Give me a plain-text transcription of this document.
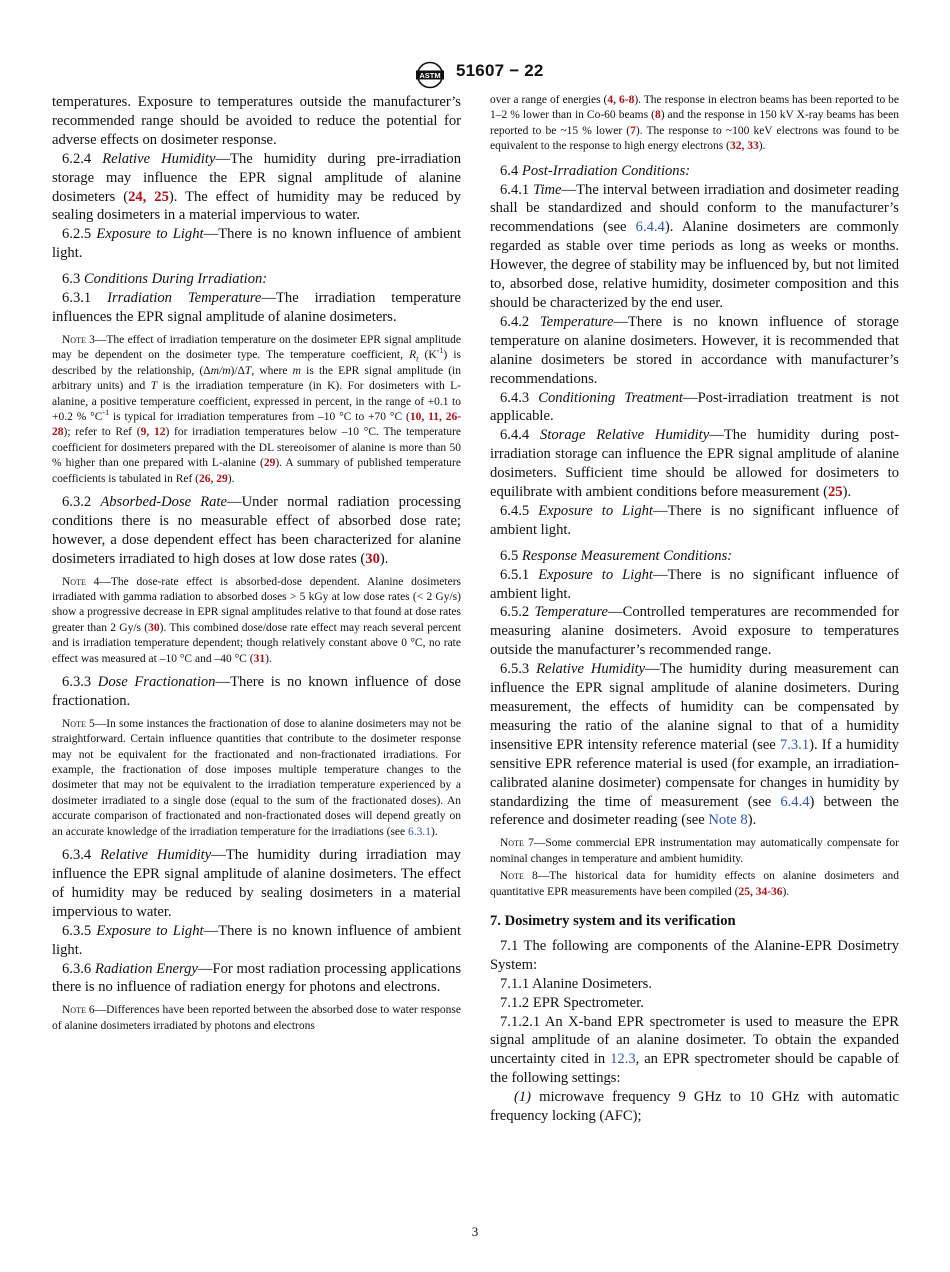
ASTM 51607 − 22

temperatures. Exposure to temperatures outside the manufacturer’s recommended range should be avoided to reduce the potential for adverse effects on dosimeter response.

6.2.4 Relative Humidity—The humidity during pre-irradiation storage may influence the EPR signal amplitude of alanine dosimeters (24, 25). The effect of humidity may be reduced by sealing dosimeters in a material impervious to water.

6.2.5 Exposure to Light—There is no known influence of ambient light.

6.3 Conditions During Irradiation:

6.3.1 Irradiation Temperature—The irradiation temperature influences the EPR signal amplitude of alanine dosimeters.

Note 3—The effect of irradiation temperature on the dosimeter EPR signal amplitude may be dependent on the dosimeter type. The temperature coefficient, $R_t$ $(K^{-1})$ is described by the relationship, (Δm/m)/ΔT, where m is the EPR signal amplitude (in arbitrary units) and T is the irradiation temperature (in K). For dosimeters with L-alanine, a positive temperature coefficient, expressed in percent, in the range of +0.1 to +0.2 % $^\circ C^{-1}$ is typical for irradiation temperatures from –10 °C to +70 °C (10, 11, 26-28); refer to Ref (9, 12) for irradiation temperatures below –10 °C. The temperature coefficient for dosimeters prepared with the DL stereoisomer of alanine is more than 50 % higher than one prepared with L-alanine (29). A summary of published temperature coefficients is tabulated in Ref (26, 29).

6.3.2 Absorbed-Dose Rate—Under normal radiation processing conditions there is no measurable effect of absorbed dose rate; however, a dose dependent effect has been characterized for alanine dosimeters irradiated to high doses at low dose rates (30).

Note 4—The dose-rate effect is absorbed-dose dependent. Alanine dosimeters irradiated with gamma radiation to absorbed doses > 5 kGy at low dose rates (< 2 Gy/s) show a progressive decrease in EPR signal amplitudes relative to that found at dose rates greater than 2 Gy/s (30). This combined dose/dose rate effect may reach several percent and is irradiation temperature dependent; though relatively constant above 0 °C, no rate effect was measured at –10 °C and –40 °C (31).

6.3.3 Dose Fractionation—There is no known influence of dose fractionation.

Note 5—In some instances the fractionation of dose to alanine dosimeters may not be straightforward. Certain influence quantities that contribute to the dosimeter response may not be equivalent for the fractionated and non-fractionated irradiations. For example, the fractionation of dose imposes multiple temperature changes to the dosimeter that may not be equivalent to the irradiation temperature experienced by a dosimeter irradiated to a single dose (equal to the sum of the fractionated doses). An accurate comparison of fractionated and non-fractionated doses will depend greatly on an accurate knowledge of the irradiation temperature for the irradiations (see 6.3.1).

6.3.4 Relative Humidity—The humidity during irradiation may influence the EPR signal amplitude of alanine dosimeters. The effect of humidity may be reduced by sealing dosimeters in a material impervious to water.

6.3.5 Exposure to Light—There is no known influence of ambient light.

6.3.6 Radiation Energy—For most radiation processing applications there is no influence of radiation energy for photons and electrons.

Note 6—Differences have been reported between the absorbed dose to water response of alanine dosimeters irradiated by photons and electrons

over a range of energies (4, 6-8). The response in electron beams has been reported to be 1–2 % lower than in Co-60 beams (8) and the response in 150 kV X-ray beams has been reported to be ~15 % lower (7). The response to ~100 keV electrons was found to be equivalent to the response to high energy electrons (32, 33).

6.4 Post-Irradiation Conditions:

6.4.1 Time—The interval between irradiation and dosimeter reading shall be standardized and should conform to the manufacturer’s recommendations (see 6.4.4). Alanine dosimeters are commonly regarded as stable over time periods as long as weeks or months. However, the degree of stability may be influenced by, but not limited to, absorbed dose, relative humidity, dosimeter composition and this should be characterized by the end user.

6.4.2 Temperature—There is no known influence of storage temperature on alanine dosimeters. However, it is recommended that alanine dosimeters be stored in accordance with manufacturer’s recommendations.

6.4.3 Conditioning Treatment—Post-irradiation treatment is not applicable.

6.4.4 Storage Relative Humidity—The humidity during post-irradiation storage can influence the EPR signal amplitude of alanine dosimeters. Sufficient time should be allowed for dosimeters to equilibrate with ambient conditions before measurement (25).

6.4.5 Exposure to Light—There is no significant influence of ambient light.

6.5 Response Measurement Conditions:

6.5.1 Exposure to Light—There is no significant influence of ambient light.

6.5.2 Temperature—Controlled temperatures are recommended for measuring alanine dosimeters. Avoid exposure to temperatures outside the manufacturer’s recommended range.

6.5.3 Relative Humidity—The humidity during measurement can influence the EPR signal amplitude of alanine dosimeters. During measurement, the effects of humidity can be compensated by measuring the ratio of the alanine signal to that of a humidity insensitive EPR intensity reference material (see 7.3.1). If a humidity sensitive EPR reference material is used (for example, an irradiation-calibrated alanine dosimeter) compensate for changes in humidity by standardizing the time of measurement (see 6.4.4) between the reference and dosimeter reading (see Note 8).

Note 7—Some commercial EPR instrumentation may automatically compensate for nominal changes in temperature and ambient humidity.

Note 8—The historical data for humidity effects on alanine dosimeters and quantitative EPR measurements have been compiled (25, 34-36).

7. Dosimetry system and its verification

7.1 The following are components of the Alanine-EPR Dosimetry System:

7.1.1 Alanine Dosimeters.

7.1.2 EPR Spectrometer.

7.1.2.1 An X-band EPR spectrometer is used to measure the EPR signal amplitude of an alanine dosimeter. To obtain the expanded uncertainty cited in 12.3, an EPR spectrometer should be capable of the following settings:

(1) microwave frequency 9 GHz to 10 GHz with automatic frequency locking (AFC);

3
